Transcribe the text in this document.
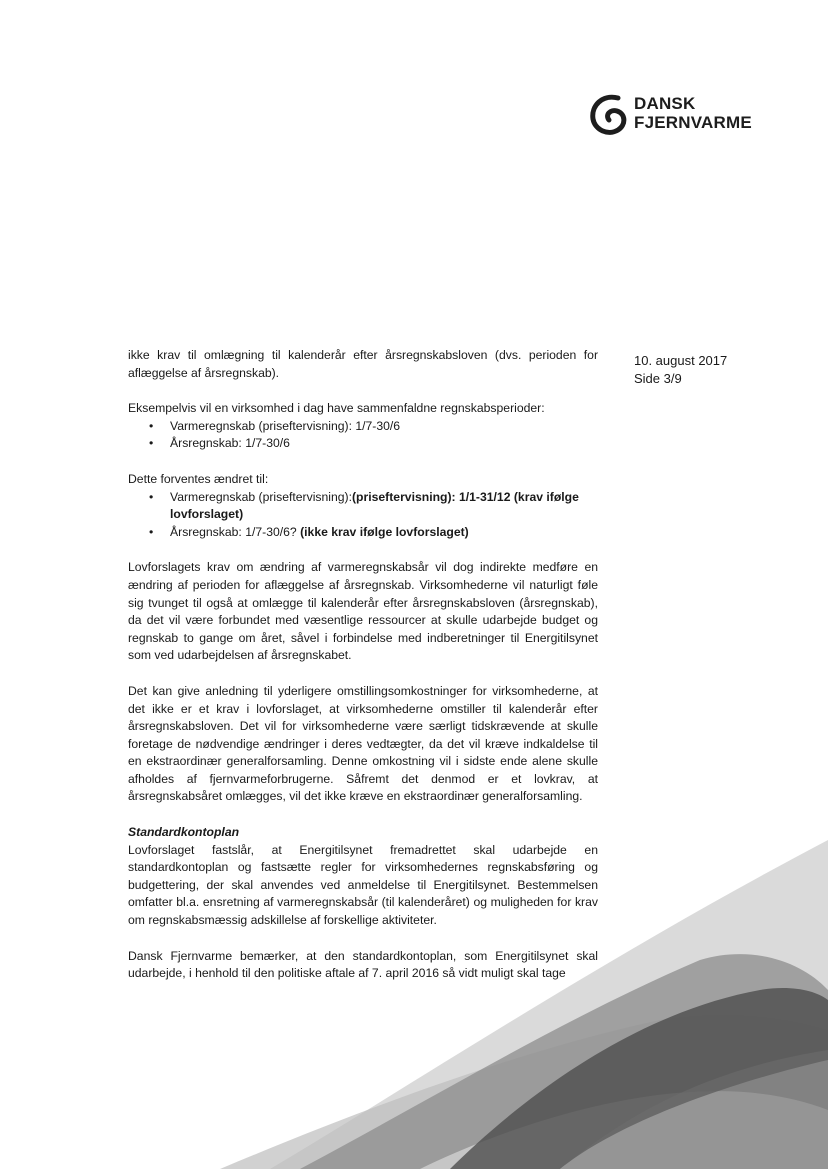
DANSK
FJERNVARME
10. august 2017
Side 3/9

ikke krav til omlægning til kalenderår efter årsregnskabsloven (dvs. perioden for aflæggelse af årsregnskab).

Eksempelvis vil en virksomhed i dag have sammenfaldne regnskabsperioder:

• Varmeregnskab (priseftervisning): 1/7-30/6
• Årsregnskab: 1/7-30/6

Dette forventes ændret til:

• Varmeregnskab (priseftervisning):(priseftervisning): 1/1-31/12 (krav ifølge lovforslaget)
• Årsregnskab: 1/7-30/6? (ikke krav ifølge lovforslaget)

Lovforslagets krav om ændring af varmeregnskabsår vil dog indirekte medføre en ændring af perioden for aflæggelse af årsregnskab. Virksomhederne vil naturligt føle sig tvunget til også at omlægge til kalenderår efter årsregnskabsloven (årsregnskab), da det vil være forbundet med væsentlige ressourcer at skulle udarbejde budget og regnskab to gange om året, såvel i forbindelse med indberetninger til Energitilsynet som ved udarbejdelsen af årsregnskabet.

Det kan give anledning til yderligere omstillingsomkostninger for virksomhederne, at det ikke er et krav i lovforslaget, at virksomhederne omstiller til kalenderår efter årsregnskabsloven. Det vil for virksomhederne være særligt tidskrævende at skulle foretage de nødvendige ændringer i deres vedtægter, da det vil kræve indkaldelse til en ekstraordinær generalforsamling. Denne omkostning vil i sidste ende alene skulle afholdes af fjernvarmeforbrugerne. Såfremt det denmod er et lovkrav, at årsregnskabsåret omlægges, vil det ikke kræve en ekstraordinær generalforsamling.

Standardkontoplan

Lovforslaget fastslår, at Energitilsynet fremadrettet skal udarbejde en standardkontoplan og fastsætte regler for virksomhedernes regnskabsføring og budgettering, der skal anvendes ved anmeldelse til Energitilsynet. Bestemmelsen omfatter bl.a. ensretning af varmeregnskabsår (til kalenderåret) og muligheden for krav om regnskabsmæssig adskillelse af forskellige aktiviteter.

Dansk Fjernvarme bemærker, at den standardkontoplan, som Energitilsynet skal udarbejde, i henhold til den politiske aftale af 7. april 2016 så vidt muligt skal tage
